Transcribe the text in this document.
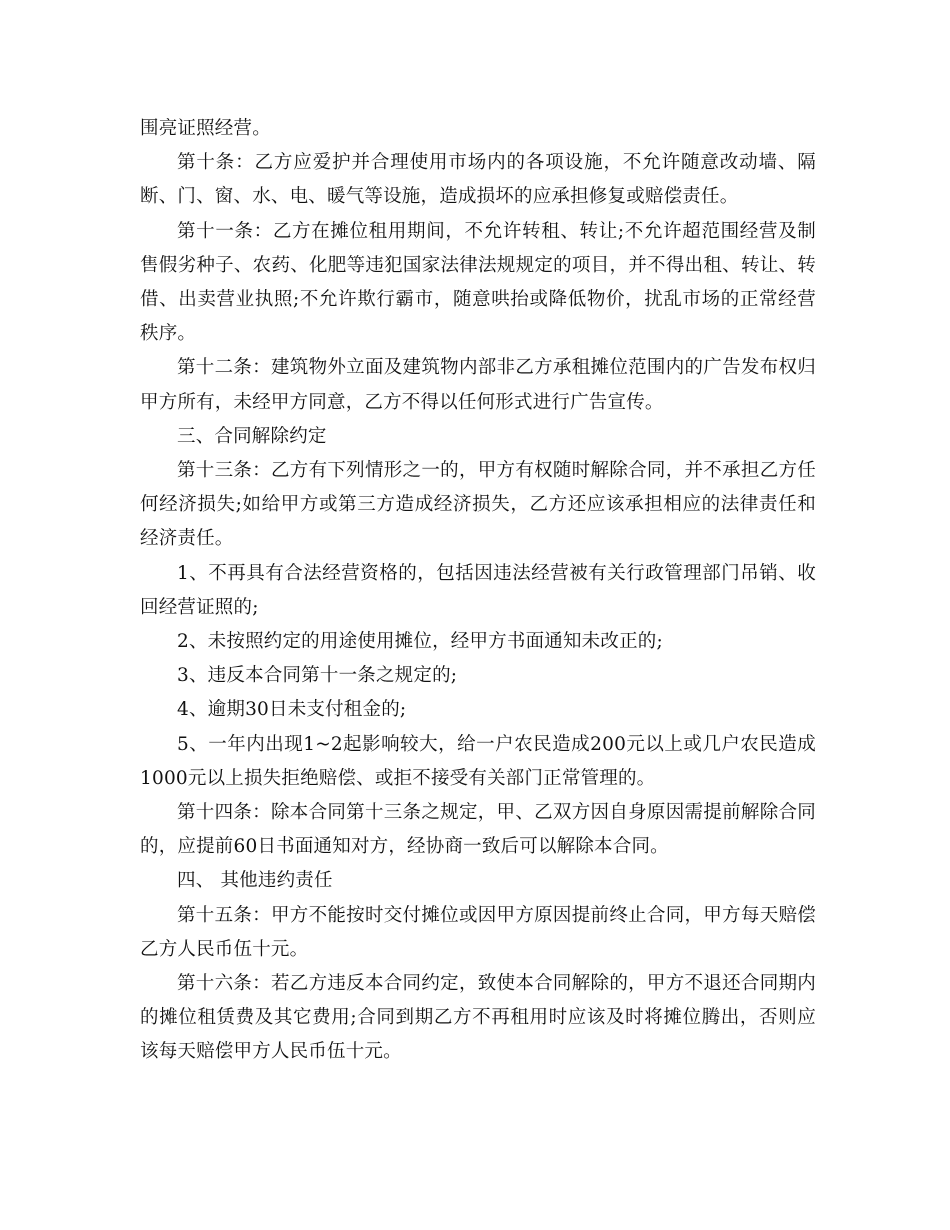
围亮证照经营。

第十条：乙方应爱护并合理使用市场内的各项设施，不允许随意改动墙、隔断、门、窗、水、电、暖气等设施，造成损坏的应承担修复或赔偿责任。

第十一条：乙方在摊位租用期间，不允许转租、转让;不允许超范围经营及制售假劣种子、农药、化肥等违犯国家法律法规规定的项目，并不得出租、转让、转借、出卖营业执照;不允许欺行霸市，随意哄抬或降低物价，扰乱市场的正常经营秩序。

第十二条：建筑物外立面及建筑物内部非乙方承租摊位范围内的广告发布权归甲方所有，未经甲方同意，乙方不得以任何形式进行广告宣传。

三、合同解除约定

第十三条：乙方有下列情形之一的，甲方有权随时解除合同，并不承担乙方任何经济损失;如给甲方或第三方造成经济损失，乙方还应该承担相应的法律责任和经济责任。

1、不再具有合法经营资格的，包括因违法经营被有关行政管理部门吊销、收回经营证照的;

2、未按照约定的用途使用摊位，经甲方书面通知未改正的;

3、违反本合同第十一条之规定的;

4、逾期30日未支付租金的;

5、一年内出现1~2起影响较大，给一户农民造成200元以上或几户农民造成1000元以上损失拒绝赔偿、或拒不接受有关部门正常管理的。

第十四条：除本合同第十三条之规定，甲、乙双方因自身原因需提前解除合同的，应提前60日书面通知对方，经协商一致后可以解除本合同。

四、 其他违约责任

第十五条：甲方不能按时交付摊位或因甲方原因提前终止合同，甲方每天赔偿乙方人民币伍十元。

第十六条：若乙方违反本合同约定，致使本合同解除的，甲方不退还合同期内的摊位租赁费及其它费用;合同到期乙方不再租用时应该及时将摊位腾出，否则应该每天赔偿甲方人民币伍十元。
